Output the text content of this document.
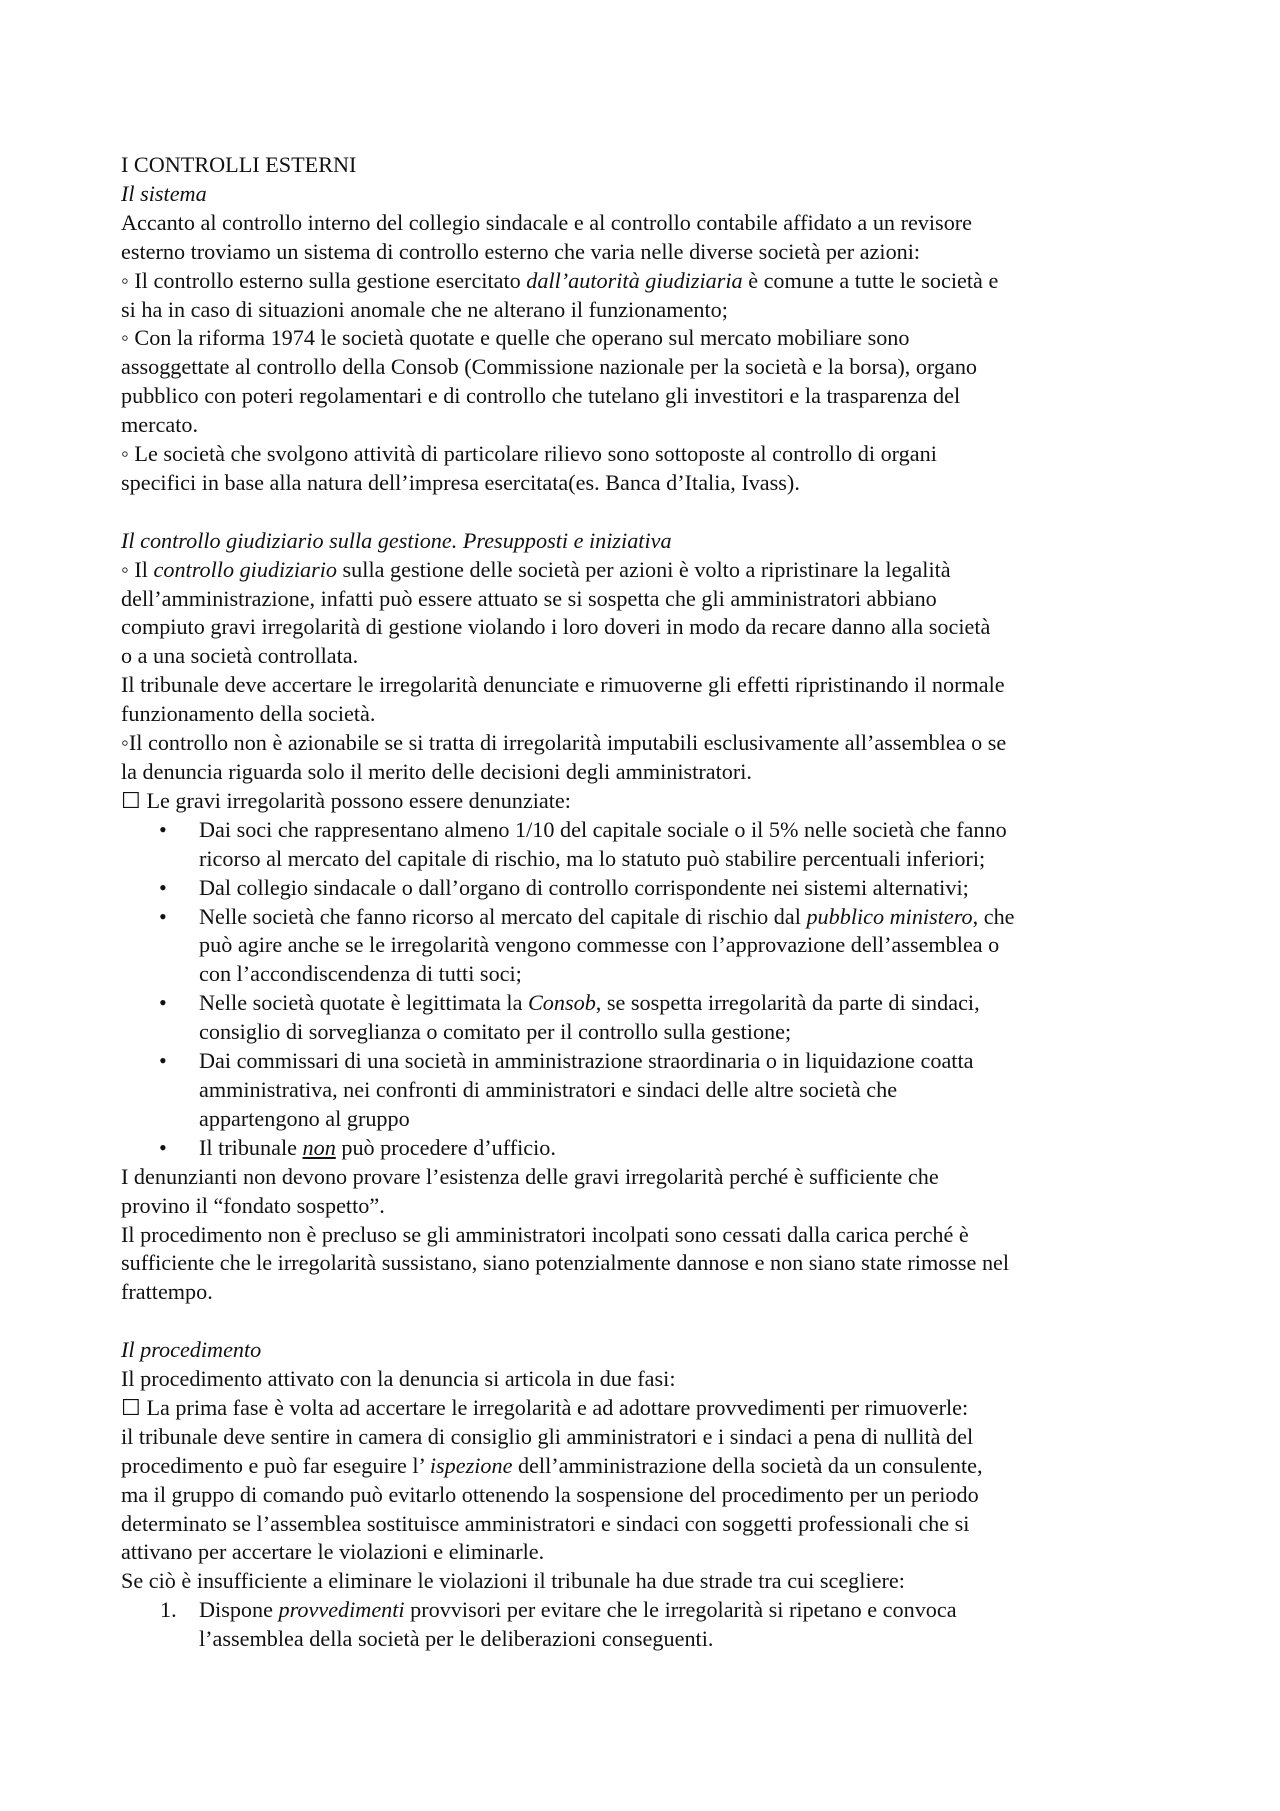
I CONTROLLI ESTERNI
Il sistema
Accanto al controllo interno del collegio sindacale e al controllo contabile affidato a un revisore
esterno troviamo un sistema di controllo esterno che varia nelle diverse società per azioni:
◦ Il controllo esterno sulla gestione esercitato dall’autorità giudiziaria è comune a tutte le società e
si ha in caso di situazioni anomale che ne alterano il funzionamento;
◦ Con la riforma 1974 le società quotate e quelle che operano sul mercato mobiliare sono
assoggettate al controllo della Consob (Commissione nazionale per la società e la borsa), organo
pubblico con poteri regolamentari e di controllo che tutelano gli investitori e la trasparenza del
mercato.
◦ Le società che svolgono attività di particolare rilievo sono sottoposte al controllo di organi
specifici in base alla natura dell’impresa esercitata(es. Banca d’Italia, Ivass).
Il controllo giudiziario sulla gestione. Presupposti e iniziativa
◦ Il controllo giudiziario sulla gestione delle società per azioni è volto a ripristinare la legalità
dell’amministrazione, infatti può essere attuato se si sospetta che gli amministratori abbiano
compiuto gravi irregolarità di gestione violando i loro doveri in modo da recare danno alla società
o a una società controllata.
Il tribunale deve accertare le irregolarità denunciate e rimuoverne gli effetti ripristinando il normale
funzionamento della società.
◦Il controllo non è azionabile se si tratta di irregolarità imputabili esclusivamente all’assemblea o se
la denuncia riguarda solo il merito delle decisioni degli amministratori.
☐ Le gravi irregolarità possono essere denunziate:
• Dai soci che rappresentano almeno 1/10 del capitale sociale o il 5% nelle società che fanno
ricorso al mercato del capitale di rischio, ma lo statuto può stabilire percentuali inferiori;
• Dal collegio sindacale o dall’organo di controllo corrispondente nei sistemi alternativi;
• Nelle società che fanno ricorso al mercato del capitale di rischio dal pubblico ministero, che
può agire anche se le irregolarità vengono commesse con l’approvazione dell’assemblea o
con l’accondiscendenza di tutti soci;
• Nelle società quotate è legittimata la Consob, se sospetta irregolarità da parte di sindaci,
consiglio di sorveglianza o comitato per il controllo sulla gestione;
• Dai commissari di una società in amministrazione straordinaria o in liquidazione coatta
amministrativa, nei confronti di amministratori e sindaci delle altre società che
appartengono al gruppo
• Il tribunale non può procedere d’ufficio.
I denunzianti non devono provare l’esistenza delle gravi irregolarità perché è sufficiente che
provino il “fondato sospetto”.
Il procedimento non è precluso se gli amministratori incolpati sono cessati dalla carica perché è
sufficiente che le irregolarità sussistano, siano potenzialmente dannose e non siano state rimosse nel
frattempo.
Il procedimento
Il procedimento attivato con la denuncia si articola in due fasi:
☐ La prima fase è volta ad accertare le irregolarità e ad adottare provvedimenti per rimuoverle:
il tribunale deve sentire in camera di consiglio gli amministratori e i sindaci a pena di nullità del
procedimento e può far eseguire l’ ispezione dell’amministrazione della società da un consulente,
ma il gruppo di comando può evitarlo ottenendo la sospensione del procedimento per un periodo
determinato se l’assemblea sostituisce amministratori e sindaci con soggetti professionali che si
attivano per accertare le violazioni e eliminarle.
Se ciò è insufficiente a eliminare le violazioni il tribunale ha due strade tra cui scegliere:
1. Dispone provvedimenti provvisori per evitare che le irregolarità si ripetano e convoca
l’assemblea della società per le deliberazioni conseguenti.
